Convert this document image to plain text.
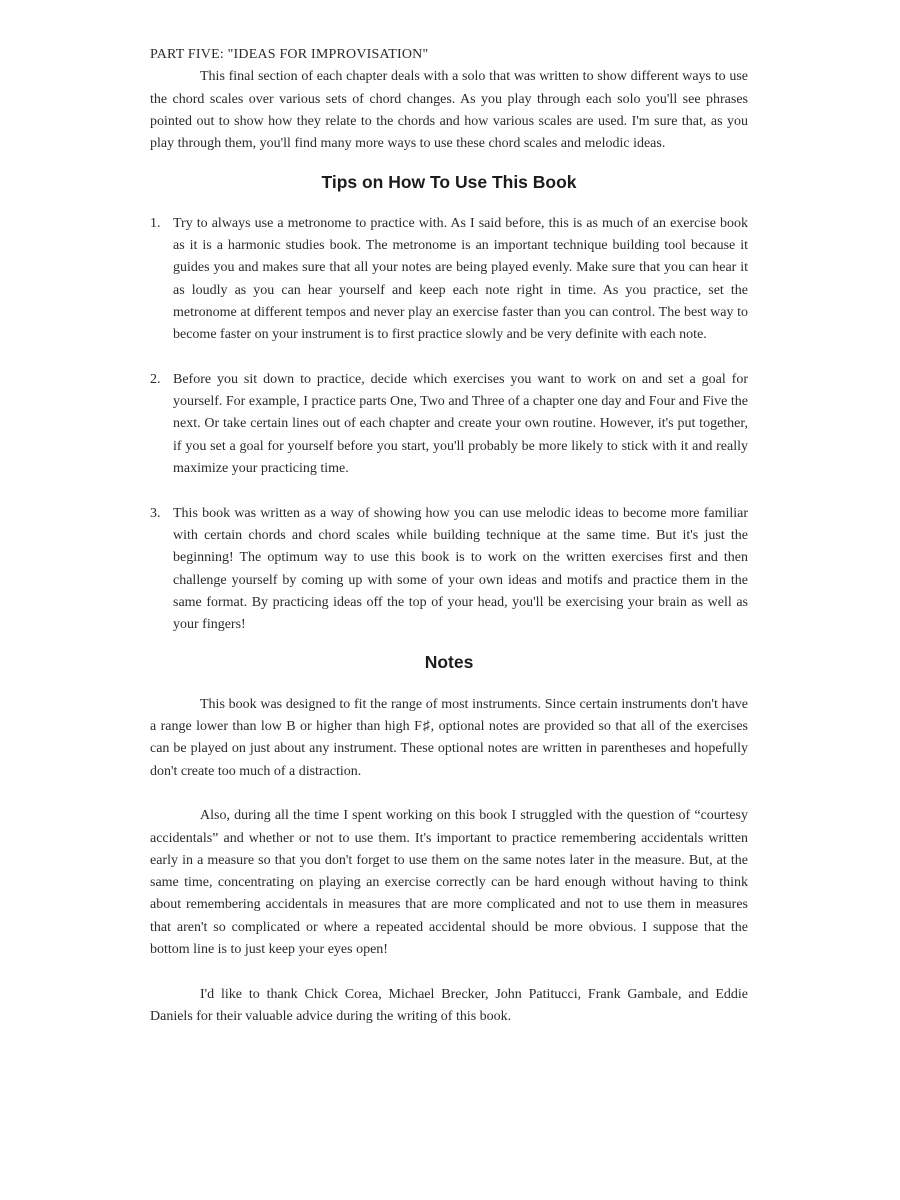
PART FIVE: "IDEAS FOR IMPROVISATION"

This final section of each chapter deals with a solo that was written to show different ways to use the chord scales over various sets of chord changes. As you play through each solo you'll see phrases pointed out to show how they relate to the chords and how various scales are used. I'm sure that, as you play through them, you'll find many more ways to use these chord scales and melodic ideas.

Tips on How To Use This Book
1. Try to always use a metronome to practice with. As I said before, this is as much of an exercise book as it is a harmonic studies book. The metronome is an important technique building tool because it guides you and makes sure that all your notes are being played evenly. Make sure that you can hear it as loudly as you can hear yourself and keep each note right in time. As you practice, set the metronome at different tempos and never play an exercise faster than you can control. The best way to become faster on your instrument is to first practice slowly and be very definite with each note.
2. Before you sit down to practice, decide which exercises you want to work on and set a goal for yourself. For example, I practice parts One, Two and Three of a chapter one day and Four and Five the next. Or take certain lines out of each chapter and create your own routine. However, it's put together, if you set a goal for yourself before you start, you'll probably be more likely to stick with it and really maximize your practicing time.
3. This book was written as a way of showing how you can use melodic ideas to become more familiar with certain chords and chord scales while building technique at the same time. But it's just the beginning! The optimum way to use this book is to work on the written exercises first and then challenge yourself by coming up with some of your own ideas and motifs and practice them in the same format. By practicing ideas off the top of your head, you'll be exercising your brain as well as your fingers!
Notes

This book was designed to fit the range of most instruments. Since certain instruments don't have a range lower than low B or higher than high F♯, optional notes are provided so that all of the exercises can be played on just about any instrument. These optional notes are written in parentheses and hopefully don't create too much of a distraction.

Also, during all the time I spent working on this book I struggled with the question of “courtesy accidentals” and whether or not to use them. It's important to practice remembering accidentals written early in a measure so that you don't forget to use them on the same notes later in the measure. But, at the same time, concentrating on playing an exercise correctly can be hard enough without having to think about remembering accidentals in measures that are more complicated and not to use them in measures that aren't so complicated or where a repeated accidental should be more obvious. I suppose that the bottom line is to just keep your eyes open!

I'd like to thank Chick Corea, Michael Brecker, John Patitucci, Frank Gambale, and Eddie Daniels for their valuable advice during the writing of this book.
